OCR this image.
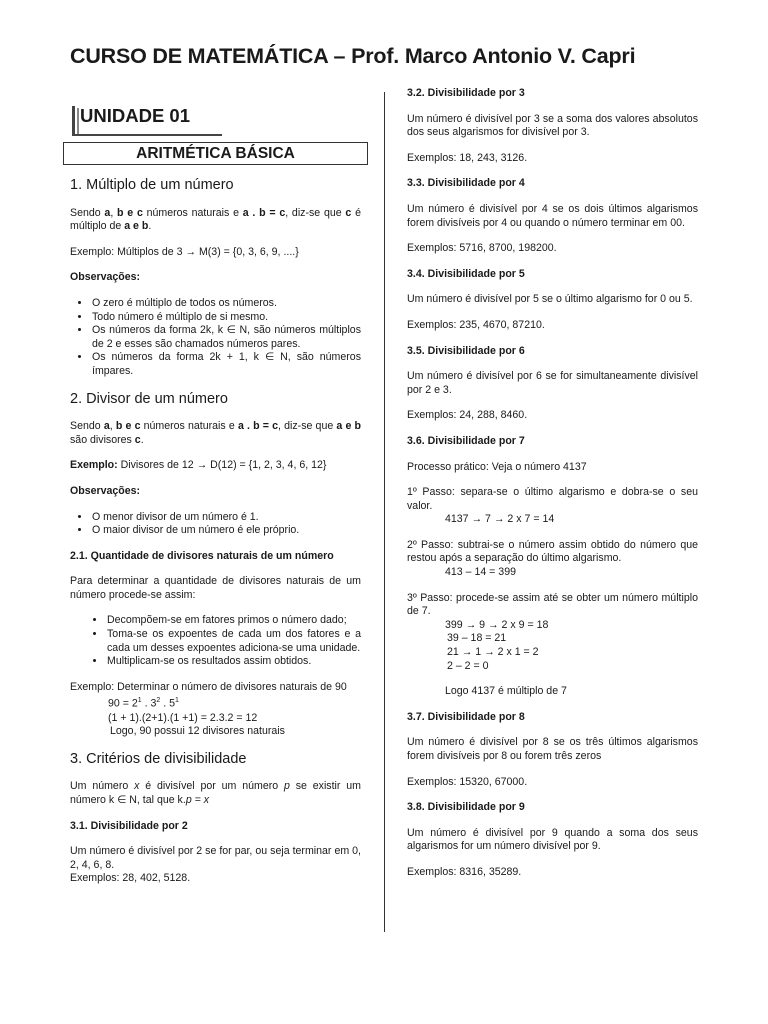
CURSO DE MATEMÁTICA – Prof. Marco Antonio V. Capri
UNIDADE 01
ARITMÉTICA BÁSICA
1. Múltiplo de um número

Sendo a, b e c números naturais e a . b = c, diz-se que c é múltiplo de a e b.

Exemplo: Múltiplos de 3 → M(3) = {0, 3, 6, 9, ....}

Observações:

• O zero é múltiplo de todos os números.
• Todo número é múltiplo de si mesmo.
• Os números da forma 2k, k ∈ N, são números múltiplos de 2 e esses são chamados números pares.
• Os números da forma 2k + 1, k ∈ N, são números ímpares.
2. Divisor de um número

Sendo a, b e c números naturais e a . b = c, diz-se que a e b são divisores c.

Exemplo: Divisores de 12 → D(12) = {1, 2, 3, 4, 6, 12}

Observações:

• O menor divisor de um número é 1.
• O maior divisor de um número é ele próprio.
2.1. Quantidade de divisores naturais de um número

Para determinar a quantidade de divisores naturais de um número procede-se assim:

• Decompõem-se em fatores primos o número dado;
• Toma-se os expoentes de cada um dos fatores e a cada um desses expoentes adiciona-se uma unidade.
• Multiplicam-se os resultados assim obtidos.

Exemplo: Determinar o número de divisores naturais de 90

$90 = 2^1$ . $3^2$ . $5^1$
(1 + 1).(2+1).(1 +1) = 2.3.2 = 12
Logo, 90 possui 12 divisores naturais
3. Critérios de divisibilidade

Um número x é divisível por um número p se existir um número k ∈ N, tal que k.p = x

3.1. Divisibilidade por 2

Um número é divisível por 2 se for par, ou seja terminar em 0, 2, 4, 6, 8.

Exemplos: 28, 402, 5128.

3.2. Divisibilidade por 3

Um número é divisível por 3 se a soma dos valores absolutos dos seus algarismos for divisível por 3.

Exemplos: 18, 243, 3126.

3.3. Divisibilidade por 4

Um número é divisível por 4 se os dois últimos algarismos forem divisíveis por 4 ou quando o número terminar em 00.

Exemplos: 5716, 8700, 198200.

3.4. Divisibilidade por 5

Um número é divisível por 5 se o último algarismo for 0 ou 5.

Exemplos: 235, 4670, 87210.

3.5. Divisibilidade por 6

Um número é divisível por 6 se for simultaneamente divisível por 2 e 3.

Exemplos: 24, 288, 8460.

3.6. Divisibilidade por 7

Processo prático: Veja o número 4137

1º Passo: separa-se o último algarismo e dobra-se o seu valor.

4137 → 7 → 2 x 7 = 14

2º Passo: subtrai-se o número assim obtido do número que restou após a separação do último algarismo.

413 – 14 = 399

3º Passo: procede-se assim até se obter um número múltiplo de 7.

399 → 9 → 2 x 9 = 18
39 – 18 = 21
21 → 1 → 2 x 1 = 2
2 – 2 = 0
Logo 4137 é múltiplo de 7
3.7. Divisibilidade por 8

Um número é divisível por 8 se os três últimos algarismos forem divisíveis por 8 ou forem três zeros

Exemplos: 15320, 67000.

3.8. Divisibilidade por 9

Um número é divisível por 9 quando a soma dos seus algarismos for um número divisível por 9.

Exemplos: 8316, 35289.
